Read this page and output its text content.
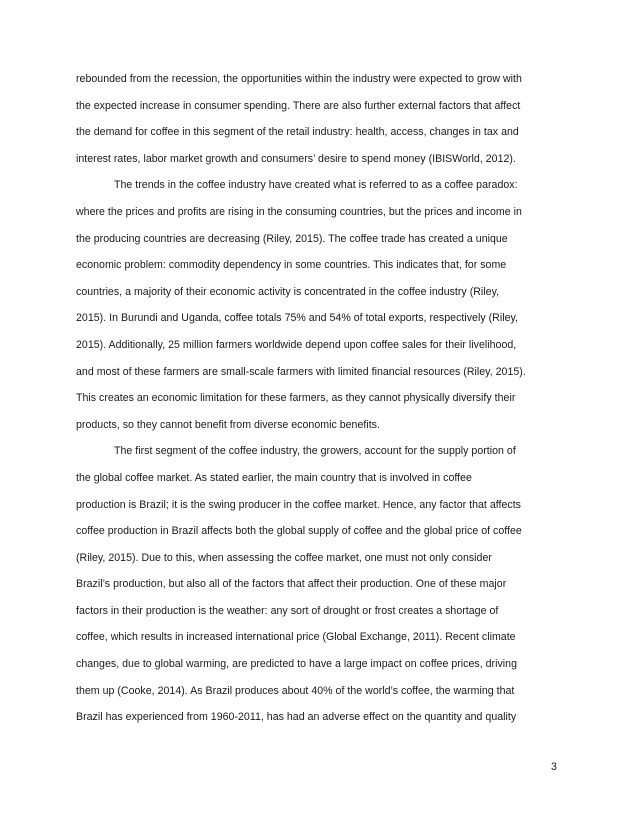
rebounded from the recession, the opportunities within the industry were expected to grow with
the expected increase in consumer spending. There are also further external factors that affect
the demand for coffee in this segment of the retail industry: health, access, changes in tax and
interest rates, labor market growth and consumers’ desire to spend money (IBISWorld, 2012).
The trends in the coffee industry have created what is referred to as a coffee paradox:
where the prices and profits are rising in the consuming countries, but the prices and income in
the producing countries are decreasing (Riley, 2015). The coffee trade has created a unique
economic problem: commodity dependency in some countries. This indicates that, for some
countries, a majority of their economic activity is concentrated in the coffee industry (Riley,
2015). In Burundi and Uganda, coffee totals 75% and 54% of total exports, respectively (Riley,
2015). Additionally, 25 million farmers worldwide depend upon coffee sales for their livelihood,
and most of these farmers are small-scale farmers with limited financial resources (Riley, 2015).
This creates an economic limitation for these farmers, as they cannot physically diversify their
products, so they cannot benefit from diverse economic benefits.
The first segment of the coffee industry, the growers, account for the supply portion of
the global coffee market. As stated earlier, the main country that is involved in coffee
production is Brazil; it is the swing producer in the coffee market. Hence, any factor that affects
coffee production in Brazil affects both the global supply of coffee and the global price of coffee
(Riley, 2015). Due to this, when assessing the coffee market, one must not only consider
Brazil’s production, but also all of the factors that affect their production. One of these major
factors in their production is the weather: any sort of drought or frost creates a shortage of
coffee, which results in increased international price (Global Exchange, 2011). Recent climate
changes, due to global warming, are predicted to have a large impact on coffee prices, driving
them up (Cooke, 2014). As Brazil produces about 40% of the world’s coffee, the warming that
Brazil has experienced from 1960-2011, has had an adverse effect on the quantity and quality
3
